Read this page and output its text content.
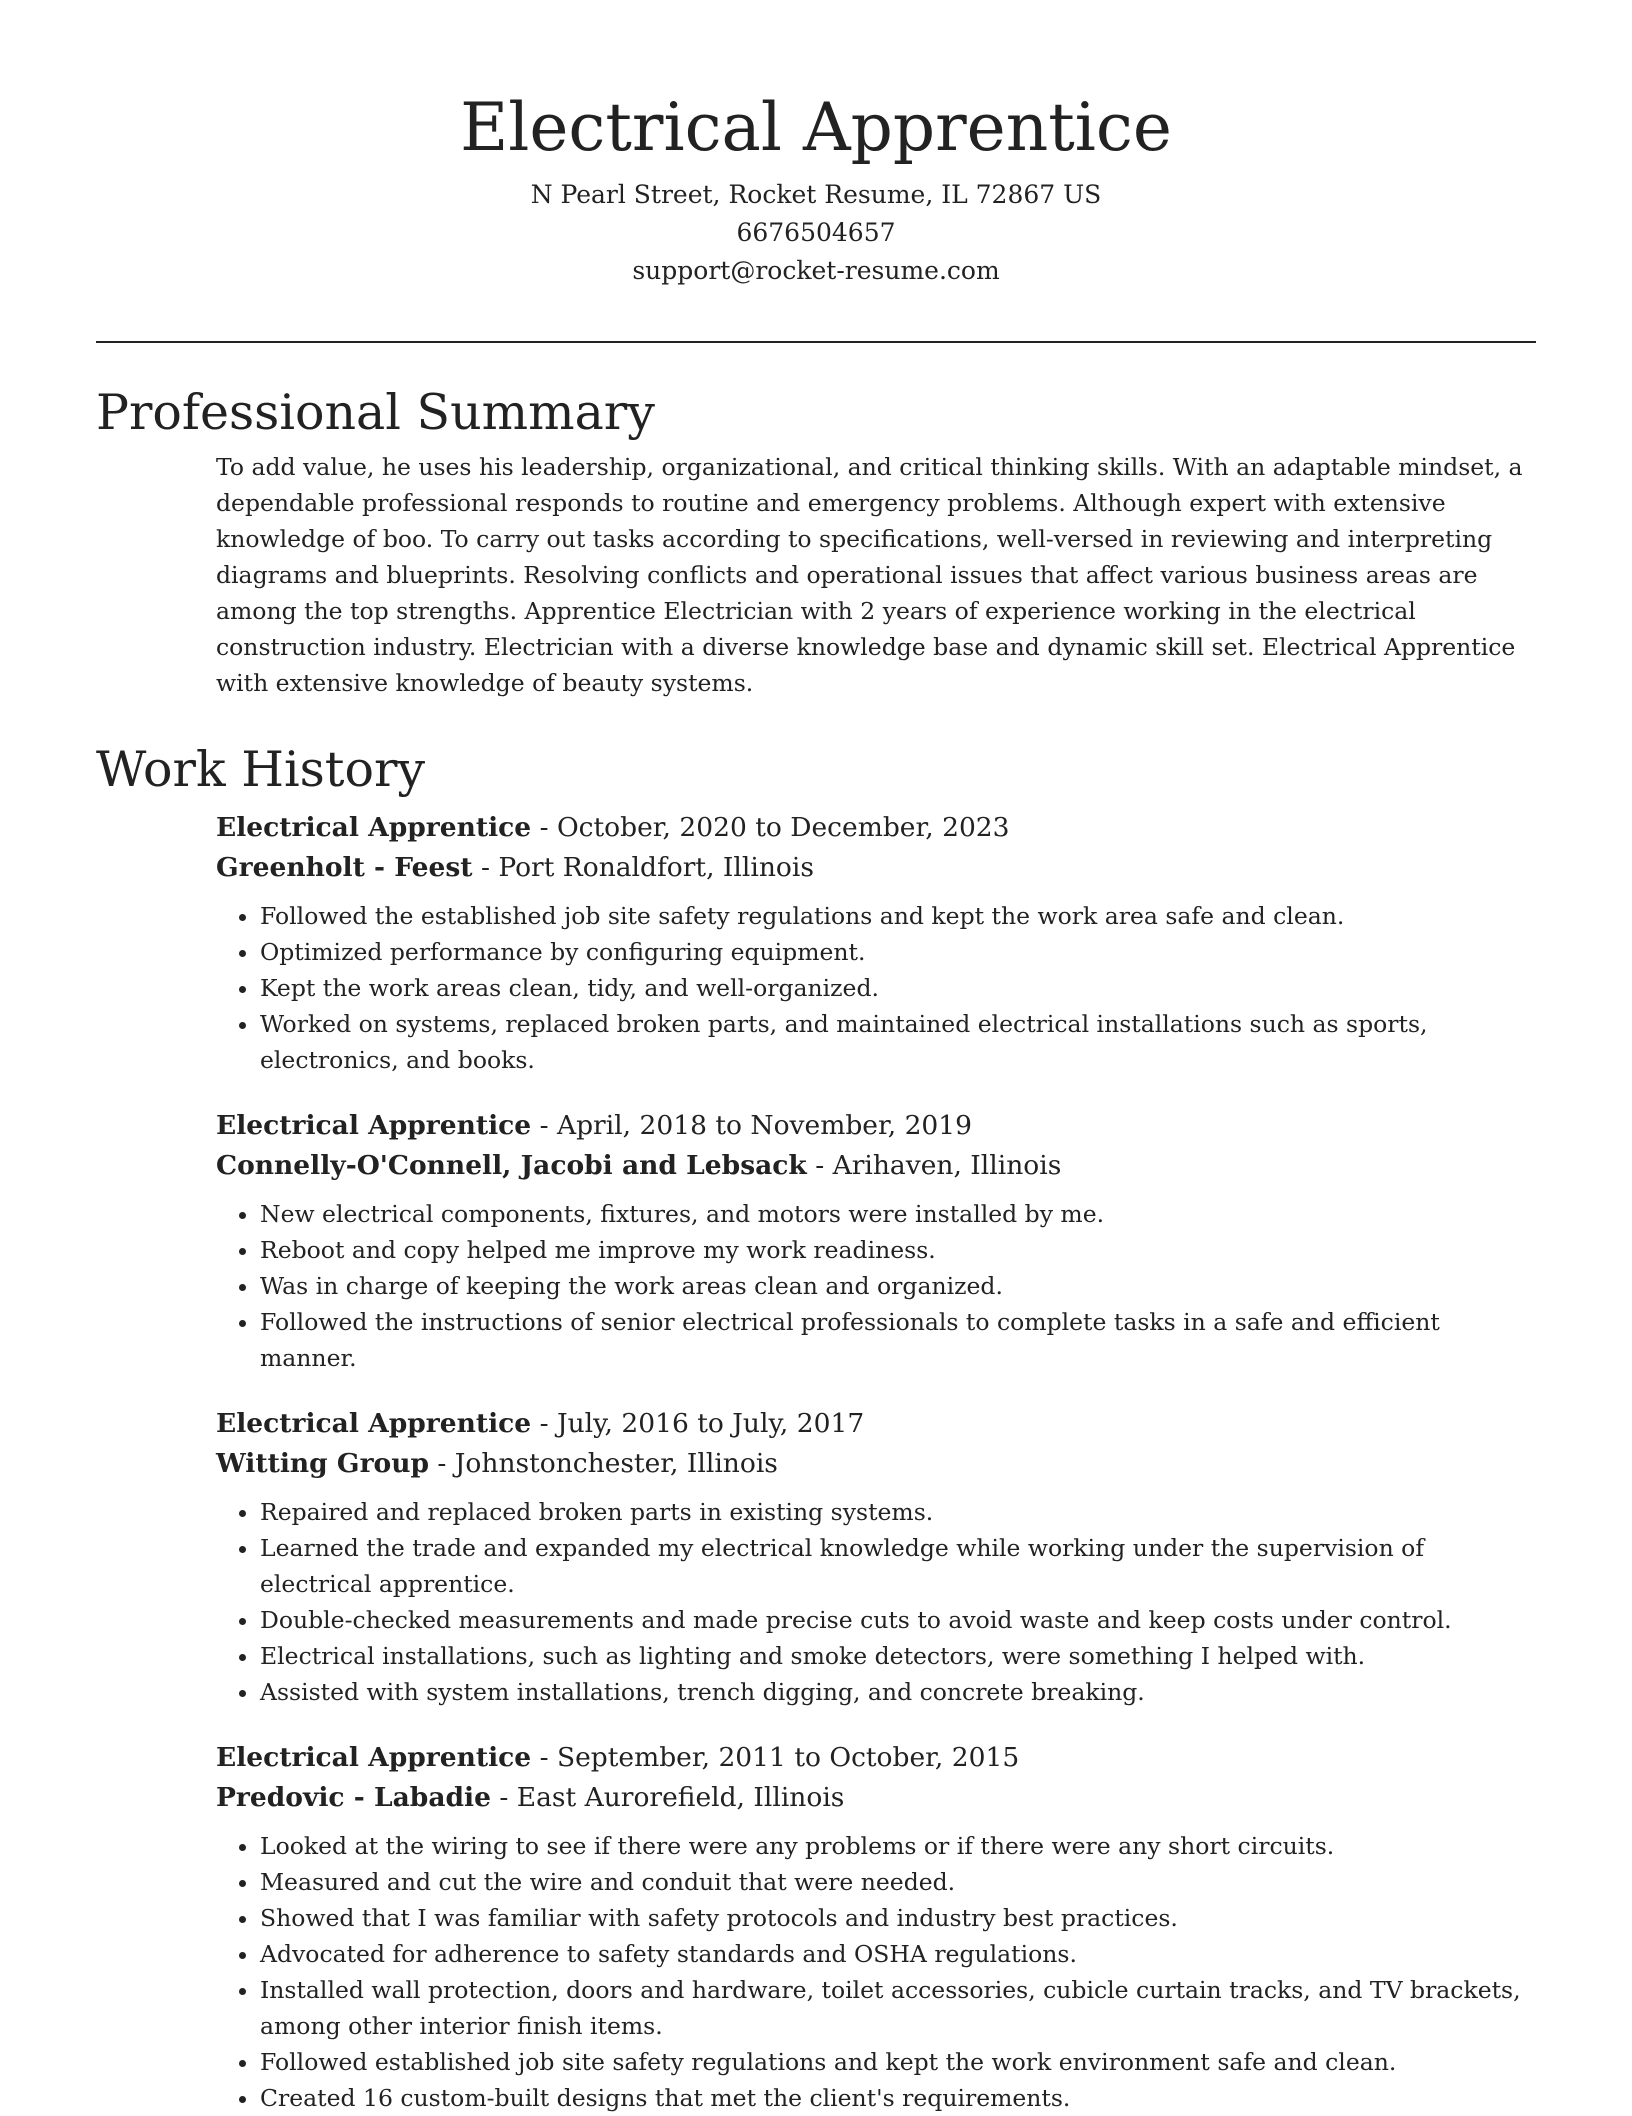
Electrical Apprentice

N Pearl Street, Rocket Resume, IL 72867 US

6676504657

support@rocket-resume.com

Professional Summary

To add value, he uses his leadership, organizational, and critical thinking skills. With an adaptable mindset, a dependable professional responds to routine and emergency problems. Although expert with extensive knowledge of boo. To carry out tasks according to specifications, well-versed in reviewing and interpreting diagrams and blueprints. Resolving conflicts and operational issues that affect various business areas are among the top strengths. Apprentice Electrician with 2 years of experience working in the electrical construction industry. Electrician with a diverse knowledge base and dynamic skill set. Electrical Apprentice with extensive knowledge of beauty systems.

Work History

Electrical Apprentice - October, 2020 to December, 2023

Greenholt - Feest - Port Ronaldfort, Illinois

• Followed the established job site safety regulations and kept the work area safe and clean.
• Optimized performance by configuring equipment.
• Kept the work areas clean, tidy, and well-organized.
• Worked on systems, replaced broken parts, and maintained electrical installations such as sports, electronics, and books.

Electrical Apprentice - April, 2018 to November, 2019

Connelly-O'Connell, Jacobi and Lebsack - Arihaven, Illinois

• New electrical components, fixtures, and motors were installed by me.
• Reboot and copy helped me improve my work readiness.
• Was in charge of keeping the work areas clean and organized.
• Followed the instructions of senior electrical professionals to complete tasks in a safe and efficient manner.

Electrical Apprentice - July, 2016 to July, 2017

Witting Group - Johnstonchester, Illinois

• Repaired and replaced broken parts in existing systems.
• Learned the trade and expanded my electrical knowledge while working under the supervision of electrical apprentice.
• Double-checked measurements and made precise cuts to avoid waste and keep costs under control.
• Electrical installations, such as lighting and smoke detectors, were something I helped with.
• Assisted with system installations, trench digging, and concrete breaking.

Electrical Apprentice - September, 2011 to October, 2015

Predovic - Labadie - East Aurorefield, Illinois

• Looked at the wiring to see if there were any problems or if there were any short circuits.
• Measured and cut the wire and conduit that were needed.
• Showed that I was familiar with safety protocols and industry best practices.
• Advocated for adherence to safety standards and OSHA regulations.
• Installed wall protection, doors and hardware, toilet accessories, cubicle curtain tracks, and TV brackets, among other interior finish items.
• Followed established job site safety regulations and kept the work environment safe and clean.
• Created 16 custom-built designs that met the client's requirements.
